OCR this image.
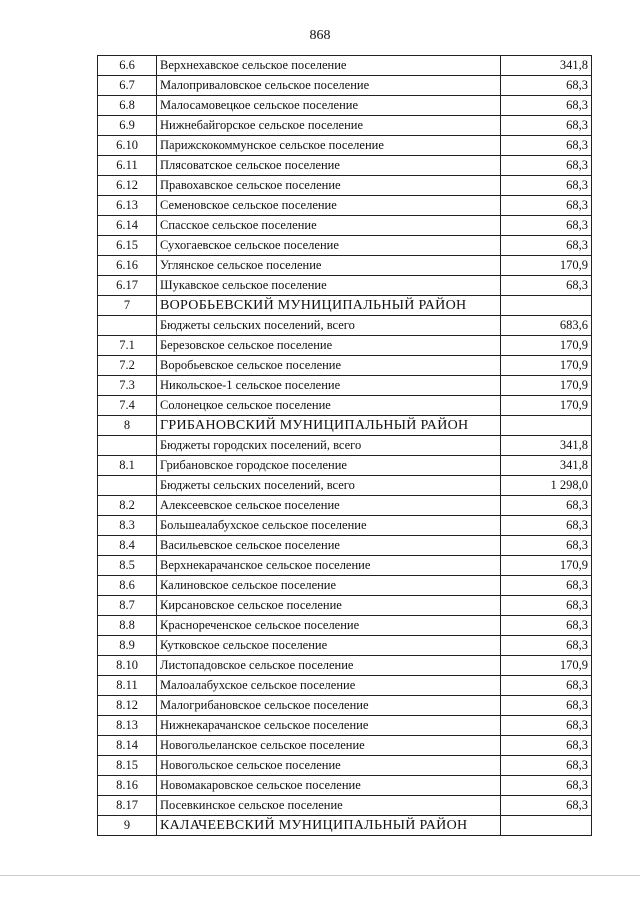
868
6.6	Верхнехавское сельское поселение	341,8
6.7	Малоприваловское сельское поселение	68,3
6.8	Малосамовецкое сельское поселение	68,3
6.9	Нижнебайгорское сельское поселение	68,3
6.10	Парижскокоммунское сельское поселение	68,3
6.11	Плясоватское сельское поселение	68,3
6.12	Правохавское сельское поселение	68,3
6.13	Семеновское сельское поселение	68,3
6.14	Спасское сельское поселение	68,3
6.15	Сухогаевское сельское поселение	68,3
6.16	Углянское сельское поселение	170,9
6.17	Шукавское сельское поселение	68,3
7	ВОРОБЬЕВСКИЙ МУНИЦИПАЛЬНЫЙ РАЙОН	
	Бюджеты сельских поселений, всего	683,6
7.1	Березовское сельское поселение	170,9
7.2	Воробьевское сельское поселение	170,9
7.3	Никольское-1 сельское поселение	170,9
7.4	Солонецкое сельское поселение	170,9
8	ГРИБАНОВСКИЙ МУНИЦИПАЛЬНЫЙ РАЙОН	
	Бюджеты городских поселений, всего	341,8
8.1	Грибановское городское поселение	341,8
	Бюджеты сельских поселений, всего	1 298,0
8.2	Алексеевское сельское поселение	68,3
8.3	Большеалабухское сельское поселение	68,3
8.4	Васильевское сельское поселение	68,3
8.5	Верхнекарачанское сельское поселение	170,9
8.6	Калиновское сельское поселение	68,3
8.7	Кирсановское сельское поселение	68,3
8.8	Краснореченское сельское поселение	68,3
8.9	Кутковское сельское поселение	68,3
8.10	Листопадовское сельское поселение	170,9
8.11	Малоалабухское сельское поселение	68,3
8.12	Малогрибановское сельское поселение	68,3
8.13	Нижнекарачанское сельское поселение	68,3
8.14	Новогольеланское сельское поселение	68,3
8.15	Новогольское сельское поселение	68,3
8.16	Новомакаровское сельское поселение	68,3
8.17	Посевкинское сельское поселение	68,3
9	КАЛАЧЕЕВСКИЙ МУНИЦИПАЛЬНЫЙ РАЙОН	
